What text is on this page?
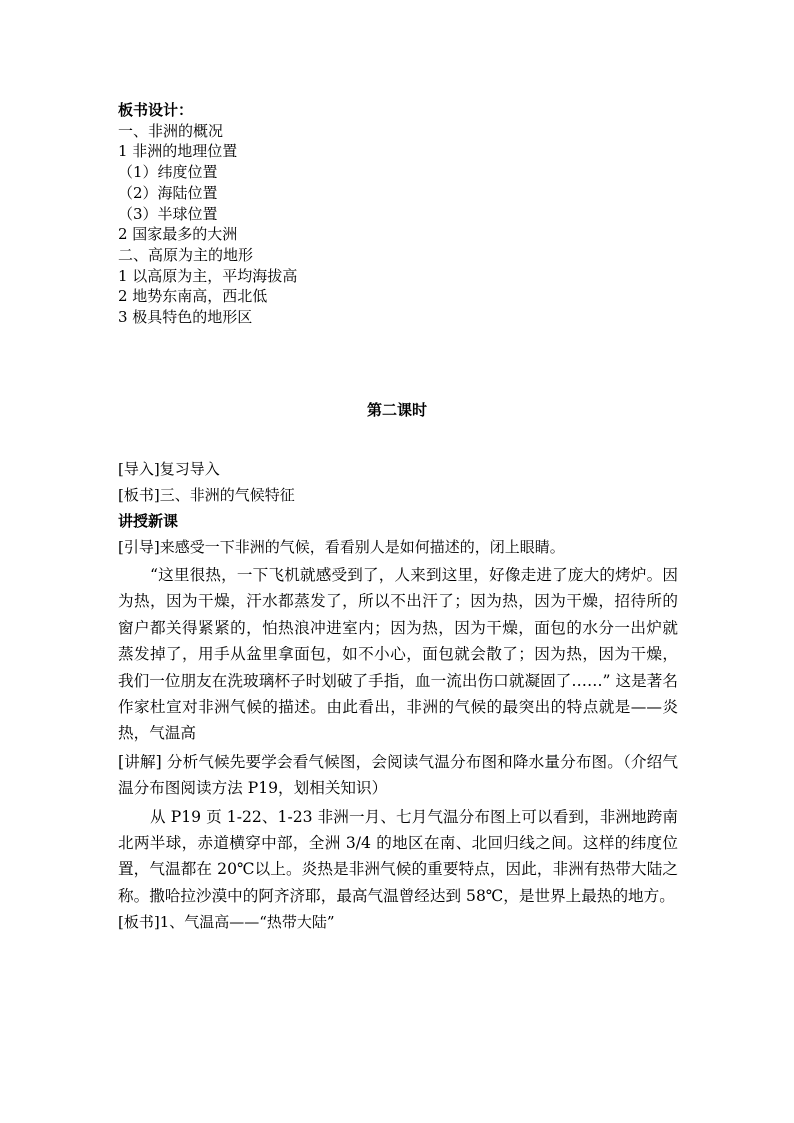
板书设计：
一、非洲的概况
1 非洲的地理位置
（1）纬度位置
（2）海陆位置
（3）半球位置
2 国家最多的大洲
二、高原为主的地形
1 以高原为主，平均海拔高
2 地势东南高，西北低
3 极具特色的地形区
第二课时
[导入]复习导入
[板书]三、非洲的气候特征
讲授新课
[引导]来感受一下非洲的气候，看看别人是如何描述的，闭上眼睛。

“这里很热，一下飞机就感受到了，人来到这里，好像走进了庞大的烤炉。因为热，因为干燥，汗水都蒸发了，所以不出汗了；因为热，因为干燥，招待所的窗户都关得紧紧的，怕热浪冲进室内；因为热，因为干燥，面包的水分一出炉就蒸发掉了，用手从盆里拿面包，如不小心，面包就会散了；因为热，因为干燥，我们一位朋友在洗玻璃杯子时划破了手指，血一流出伤口就凝固了……” 这是著名作家杜宣对非洲气候的描述。由此看出，非洲的气候的最突出的特点就是——炎热，气温高

[讲解] 分析气候先要学会看气候图，会阅读气温分布图和降水量分布图。（介绍气温分布图阅读方法 P19，划相关知识）

从 P19 页 1-22、1-23 非洲一月、七月气温分布图上可以看到，非洲地跨南北两半球，赤道横穿中部，全洲 3/4 的地区在南、北回归线之间。这样的纬度位置，气温都在 20℃以上。炎热是非洲气候的重要特点，因此，非洲有热带大陆之称。撒哈拉沙漠中的阿齐济耶，最高气温曾经达到 58℃，是世界上最热的地方。

[板书]1、气温高——“热带大陆”
